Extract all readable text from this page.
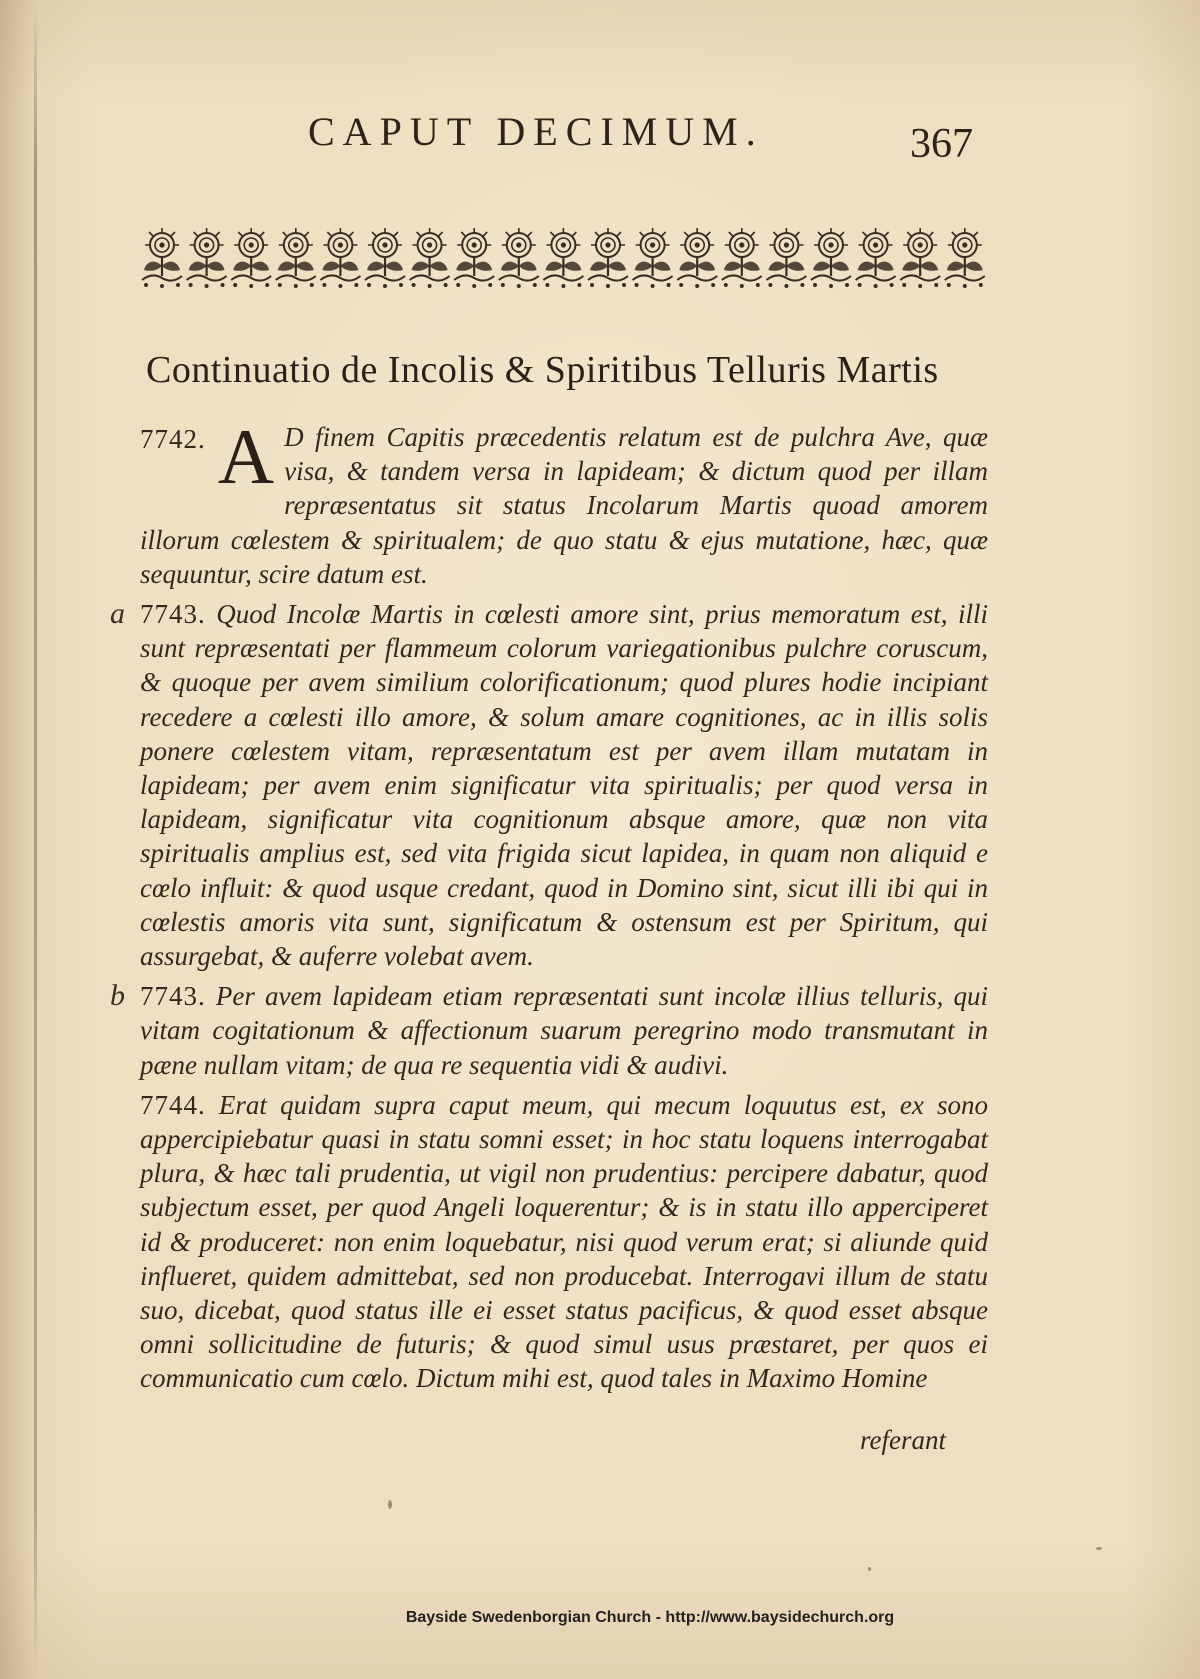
CAPUT DECIMUM.	367
Continuatio de Incolis & Spiritibus Telluris Martis

7742. A D finem Capitis præcedentis relatum est de pulchra Ave, quæ visa, & tandem versa in lapideam; & dictum quod per illam repræsentatus sit status Incolarum Martis quoad amorem illorum cœlestem & spiritualem; de quo statu & ejus mutatione, hæc, quæ sequuntur, scire datum est.

a 7743. Quod Incolæ Martis in cœlesti amore sint, prius memoratum est, illi sunt repræsentati per flammeum colorum variegationibus pulchre coruscum, & quoque per avem similium colorificationum; quod plures hodie incipiant recedere a cœlesti illo amore, & solum amare cognitiones, ac in illis solis ponere cœlestem vitam, repræsentatum est per avem illam mutatam in lapideam; per avem enim significatur vita spiritualis; per quod versa in lapideam, significatur vita cognitionum absque amore, quæ non vita spiritualis amplius est, sed vita frigida sicut lapidea, in quam non aliquid e cœlo influit: & quod usque credant, quod in Domino sint, sicut illi ibi qui in cœlestis amoris vita sunt, significatum & ostensum est per Spiritum, qui assurgebat, & auferre volebat avem.

b 7743. Per avem lapideam etiam repræsentati sunt incolæ illius telluris, qui vitam cogitationum & affectionum suarum peregrino modo transmutant in pæne nullam vitam; de qua re sequentia vidi & audivi.

7744. Erat quidam supra caput meum, qui mecum loquutus est, ex sono appercipiebatur quasi in statu somni esset; in hoc statu loquens interrogabat plura, & hæc tali prudentia, ut vigil non prudentius: percipere dabatur, quod subjectum esset, per quod Angeli loquerentur; & is in statu illo apperciperet id & produceret: non enim loquebatur, nisi quod verum erat; si aliunde quid influeret, quidem admittebat, sed non producebat. Interrogavi illum de statu suo, dicebat, quod status ille ei esset status pacificus, & quod esset absque omni sollicitudine de futuris; & quod simul usus præstaret, per quos ei communicatio cum cœlo. Dictum mihi est, quod tales in Maximo Homine

referant
Bayside Swedenborgian Church - http://www.baysidechurch.org
